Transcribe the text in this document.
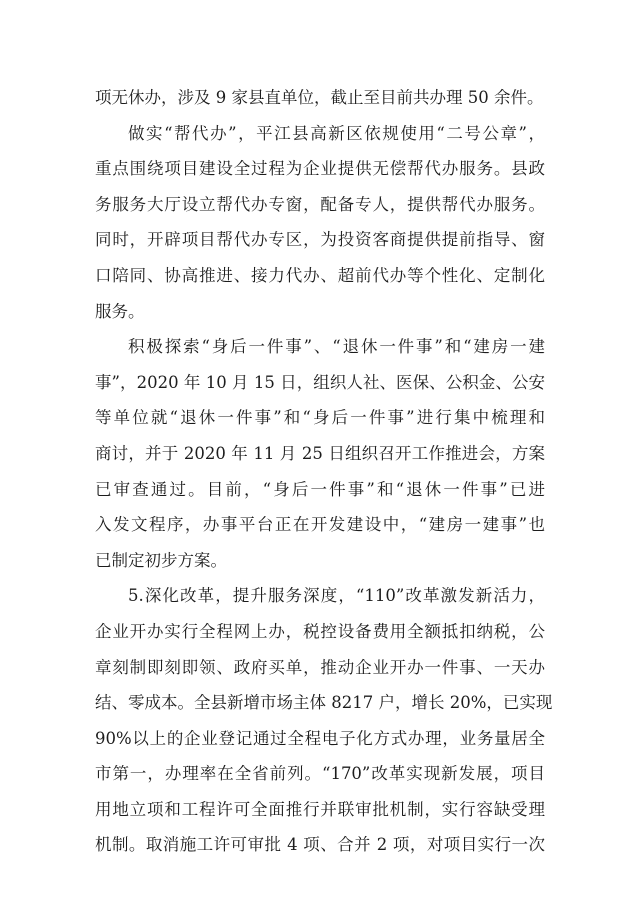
项无休办，涉及 9 家县直单位，截止至目前共办理 50 余件。
做实“帮代办”，平江县高新区依规使用“二号公章”，
重点围绕项目建设全过程为企业提供无偿帮代办服务。县政
务服务大厅设立帮代办专窗，配备专人，提供帮代办服务。
同时，开辟项目帮代办专区，为投资客商提供提前指导、窗
口陪同、协高推进、接力代办、超前代办等个性化、定制化
服务。
积极探索“身后一件事”、“退休一件事”和“建房一建
事”，2020 年 10 月 15 日，组织人社、医保、公积金、公安
等单位就“退休一件事”和“身后一件事”进行集中梳理和
商讨，并于 2020 年 11 月 25 日组织召开工作推进会，方案
已审查通过。目前，“身后一件事”和“退休一件事”已进
入发文程序，办事平台正在开发建设中，“建房一建事”也
已制定初步方案。
5.深化改革，提升服务深度，“110”改革激发新活力，
企业开办实行全程网上办，税控设备费用全额抵扣纳税，公
章刻制即刻即领、政府买单，推动企业开办一件事、一天办
结、零成本。全县新增市场主体 8217 户，增长 20%，已实现
90%以上的企业登记通过全程电子化方式办理，业务量居全
市第一，办理率在全省前列。“170”改革实现新发展，项目
用地立项和工程许可全面推行并联审批机制，实行容缺受理
机制。取消施工许可审批 4 项、合并 2 项，对项目实行一次
